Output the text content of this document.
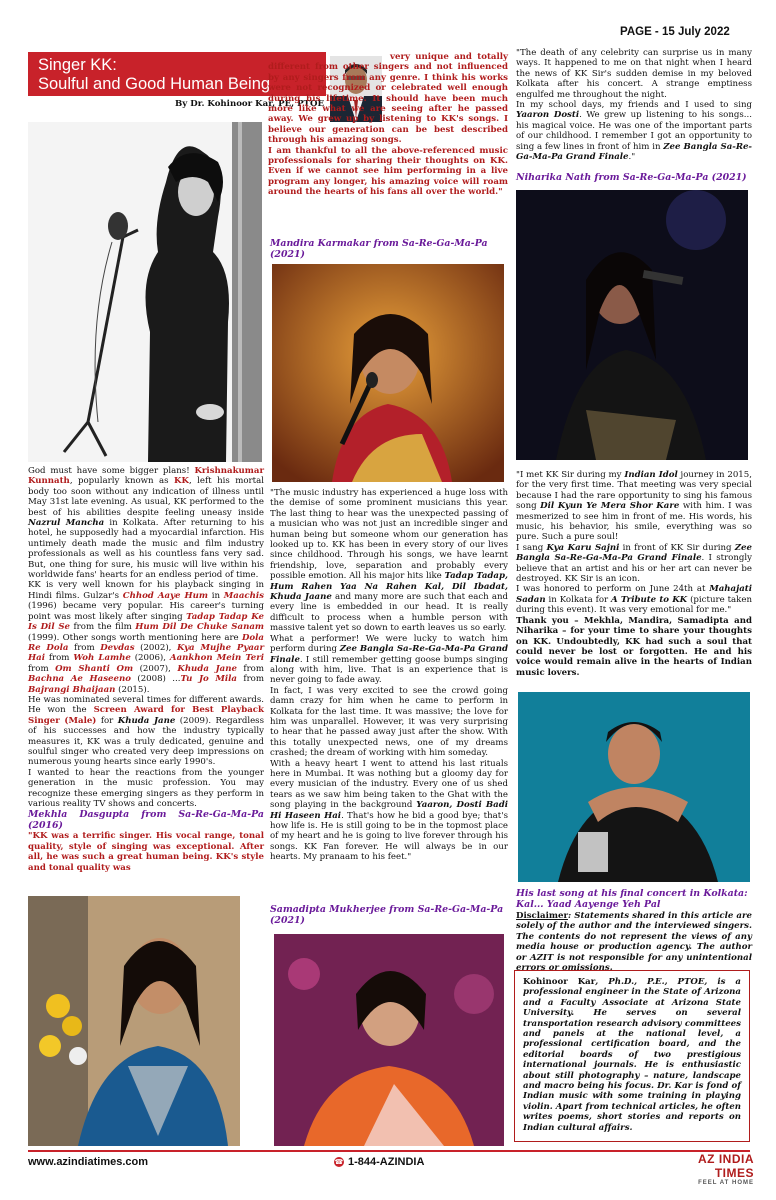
PAGE - 15 July 2022
Singer KK:
Soulful and Good Human Being
By Dr. Kohinoor Kar, PE, PTOE

very unique and totally different from other singers and not influenced by any singers from any genre. I think his works were not recognized or celebrated well enough during his lifetime. It should have been much more like what we are seeing after he passed away. We grew up by listening to KK's songs. I believe our generation can be best described through his amazing songs.

I am thankful to all the above-referenced music professionals for sharing their thoughts on KK. Even if we cannot see him performing in a live program any longer, his amazing voice will roam around the hearts of his fans all over the world."

Mandira Karmakar from Sa-Re-Ga-Ma-Pa (2021)

God must have some bigger plans! Krishnakumar Kunnath, popularly known as KK, left his mortal body too soon without any indication of illness until May 31st late evening. As usual, KK performed to the best of his abilities despite feeling uneasy inside Nazrul Mancha in Kolkata. After returning to his hotel, he supposedly had a myocardial infarction. His untimely death made the music and film industry professionals as well as his countless fans very sad. But, one thing for sure, his music will live within his worldwide fans' hearts for an endless period of time.

KK is very well known for his playback singing in Hindi films. Gulzar's Chhod Aaye Hum in Maachis (1996) became very popular. His career's turning point was most likely after singing Tadap Tadap Ke Is Dil Se from the film Hum Dil De Chuke Sanam (1999). Other songs worth mentioning here are Dola Re Dola from Devdas (2002), Kya Mujhe Pyaar Hai from Woh Lamhe (2006), Aankhon Mein Teri from Om Shanti Om (2007), Khuda Jane from Bachna Ae Haseeno (2008) ...Tu Jo Mila from Bajrangi Bhaijaan (2015).

He was nominated several times for different awards. He won the Screen Award for Best Playback Singer (Male) for Khuda Jane (2009). Regardless of his successes and how the industry typically measures it, KK was a truly dedicated, genuine and soulful singer who created very deep impressions on numerous young hearts since early 1990's.

I wanted to hear the reactions from the younger generation in the music profession. You may recognize these emerging singers as they perform in various reality TV shows and concerts.

Mekhla Dasgupta from Sa-Re-Ga-Ma-Pa (2016)

"KK was a terrific singer. His vocal range, tonal quality, style of singing was exceptional. After all, he was such a great human being. KK's style and tonal quality was

"The music industry has experienced a huge loss with the demise of some prominent musicians this year. The last thing to hear was the unexpected passing of a musician who was not just an incredible singer and human being but someone whom our generation has looked up to. KK has been in every story of our lives since childhood. Through his songs, we have learnt friendship, love, separation and probably every possible emotion. All his major hits like Tadap Tadap, Hum Rahen Yaa Na Rahen Kal, Dil Ibadat, Khuda Jaane and many more are such that each and every line is embedded in our head. It is really difficult to process when a humble person with massive talent yet so down to earth leaves us so early.

What a performer! We were lucky to watch him perform during Zee Bangla Sa-Re-Ga-Ma-Pa Grand Finale. I still remember getting goose bumps singing along with him, live. That is an experience that is never going to fade away.

In fact, I was very excited to see the crowd going damn crazy for him when he came to perform in Kolkata for the last time. It was massive; the love for him was unparallel. However, it was very surprising to hear that he passed away just after the show. With this totally unexpected news, one of my dreams crashed; the dream of working with him someday.

With a heavy heart I went to attend his last rituals here in Mumbai. It was nothing but a gloomy day for every musician of the industry. Every one of us shed tears as we saw him being taken to the Ghat with the song playing in the background Yaaron, Dosti Badi Hi Haseen Hai. That's how he bid a good bye; that's how life is. He is still going to be in the topmost place of my heart and he is going to live forever through his songs. KK Fan forever. He will always be in our hearts. My pranaam to his feet."

Samadipta Mukherjee from Sa-Re-Ga-Ma-Pa (2021)

"The death of any celebrity can surprise us in many ways. It happened to me on that night when I heard the news of KK Sir's sudden demise in my beloved Kolkata after his concert. A strange emptiness engulfed me throughout the night.

In my school days, my friends and I used to sing Yaaron Dosti. We grew up listening to his songs... his magical voice. He was one of the important parts of our childhood. I remember I got an opportunity to sing a few lines in front of him in Zee Bangla Sa-Re-Ga-Ma-Pa Grand Finale."

Niharika Nath from Sa-Re-Ga-Ma-Pa (2021)

"I met KK Sir during my Indian Idol journey in 2015, for the very first time. That meeting was very special because I had the rare opportunity to sing his famous song Dil Kyun Ye Mera Shor Kare with him. I was mesmerized to see him in front of me. His words, his music, his behavior, his smile, everything was so pure. Such a pure soul!

I sang Kya Karu Sajni in front of KK Sir during Zee Bangla Sa-Re-Ga-Ma-Pa Grand Finale. I strongly believe that an artist and his or her art can never be destroyed. KK Sir is an icon.

I was honored to perform on June 24th at Mahajati Sadan in Kolkata for A Tribute to KK (picture taken during this event). It was very emotional for me."

Thank you – Mekhla, Mandira, Samadipta and Niharika – for your time to share your thoughts on KK. Undoubtedly, KK had such a soul that could never be lost or forgotten. He and his voice would remain alive in the hearts of Indian music lovers.

His last song at his final concert in Kolkata: Kal... Yaad Aayenge Yeh Pal
Disclaimer: Statements shared in this article are solely of the author and the interviewed singers. The contents do not represent the views of any media house or production agency. The author or AZIT is not responsible for any unintentional errors or omissions.
Kohinoor Kar, Ph.D., P.E., PTOE, is a professional engineer in the State of Arizona and a Faculty Associate at Arizona State University. He serves on several transportation research advisory committees and panels at the national level, a professional certification board, and the editorial boards of two prestigious international journals. He is enthusiastic about still photography – nature, landscape and macro being his focus. Dr. Kar is fond of Indian music with some training in playing violin. Apart from technical articles, he often writes poems, short stories and reports on Indian cultural affairs.
www.azindiatimes.com	☎ 1-844-AZINDIA	AZ INDIA TIMES
FEEL AT HOME
